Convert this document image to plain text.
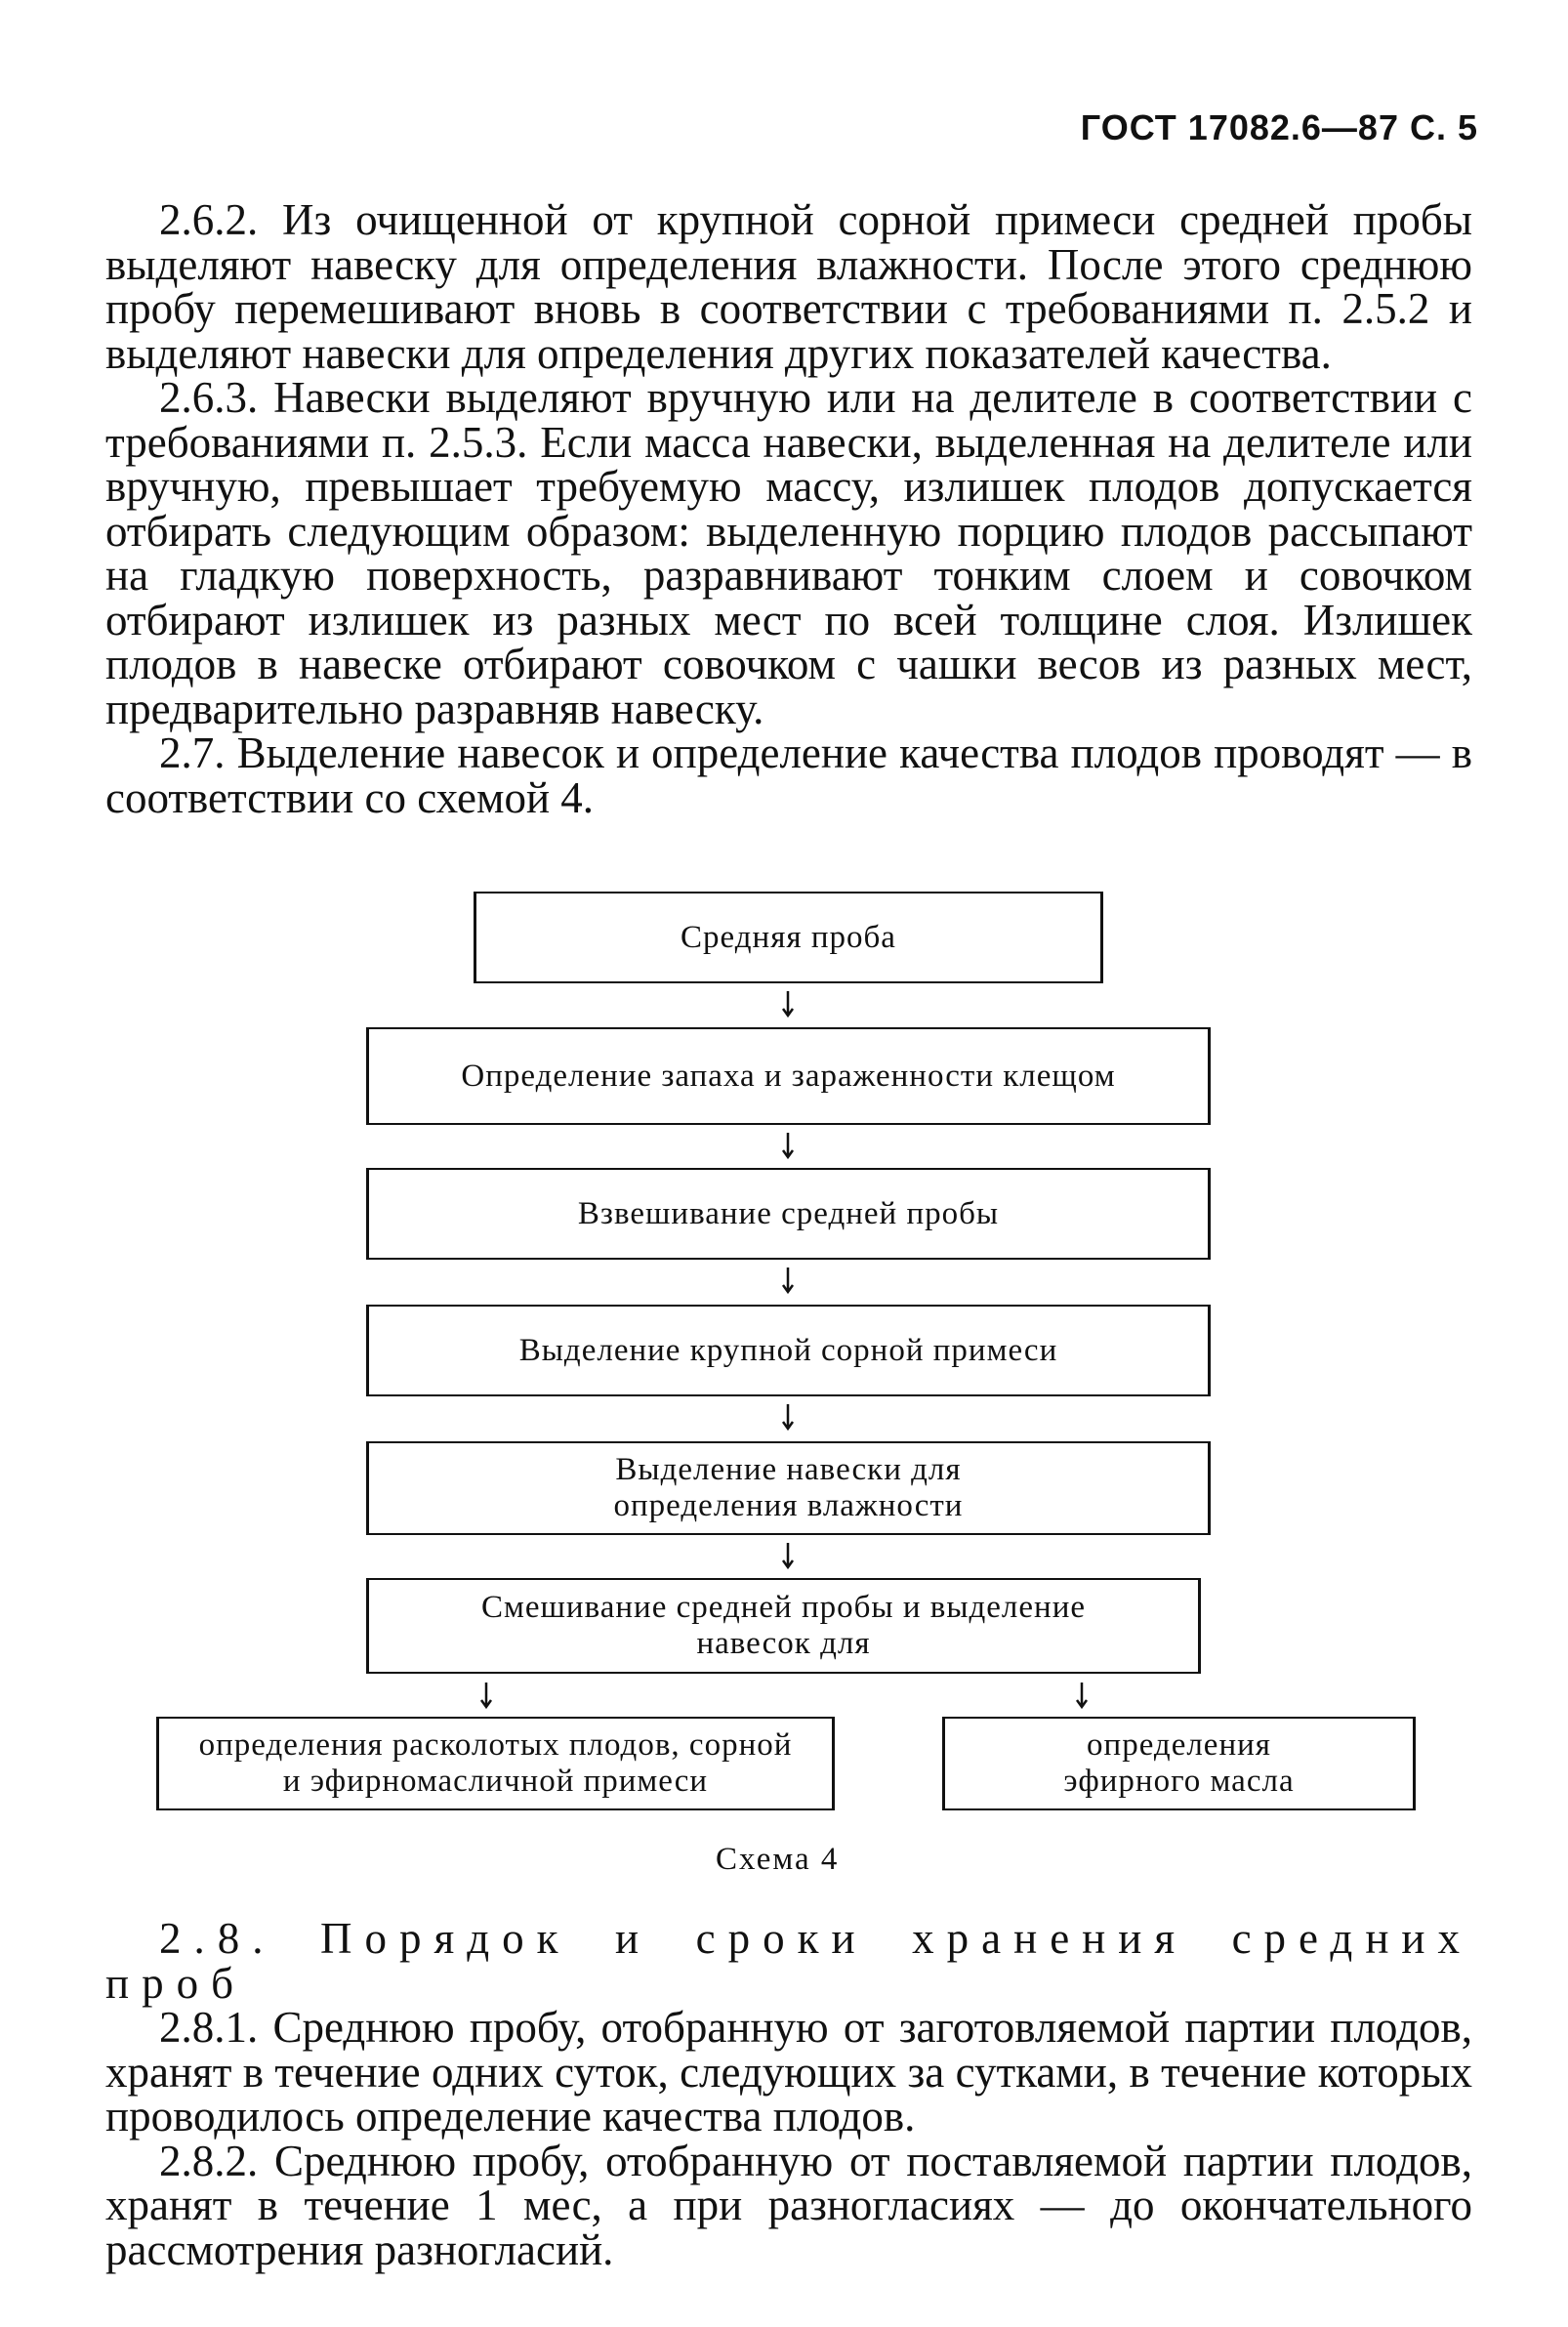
ГОСТ 17082.6—87 С. 5

2.6.2. Из очищенной от крупной сорной примеси средней пробы выделяют навеску для определения влажности. После этого среднюю пробу перемешивают вновь в соответствии с требованиями п. 2.5.2 и выделяют навески для определения других показателей качества.

2.6.3. Навески выделяют вручную или на делителе в соответствии с требованиями п. 2.5.3. Если масса навески, выделенная на делителе или вручную, превышает требуемую массу, излишек плодов допускается отбирать следующим образом: выделенную порцию плодов рассыпают на гладкую поверхность, разравнивают тонким слоем и совочком отбирают излишек из разных мест по всей толщине слоя. Излишек плодов в навеске отбирают совочком с чашки весов из разных мест, предварительно разравняв навеску.

2.7. Выделение навесок и определение качества плодов проводят — в соответствии со схемой 4.

Средняя проба
Определение запаха и зараженности клещом
Взвешивание средней пробы
Выделение крупной сорной примеси
Выделение навески для определения влажности
Смешивание средней пробы и выделение навесок для
определения расколотых плодов, сорной и эфирномасличной примеси
определения эфирного масла
Схема 4

2.8. Порядок и сроки хранения средних проб

2.8.1. Среднюю пробу, отобранную от заготовляемой партии плодов, хранят в течение одних суток, следующих за сутками, в течение которых проводилось определение качества плодов.

2.8.2. Среднюю пробу, отобранную от поставляемой партии плодов, хранят в течение 1 мес, а при разногласиях — до окончательного рассмотрения разногласий.
